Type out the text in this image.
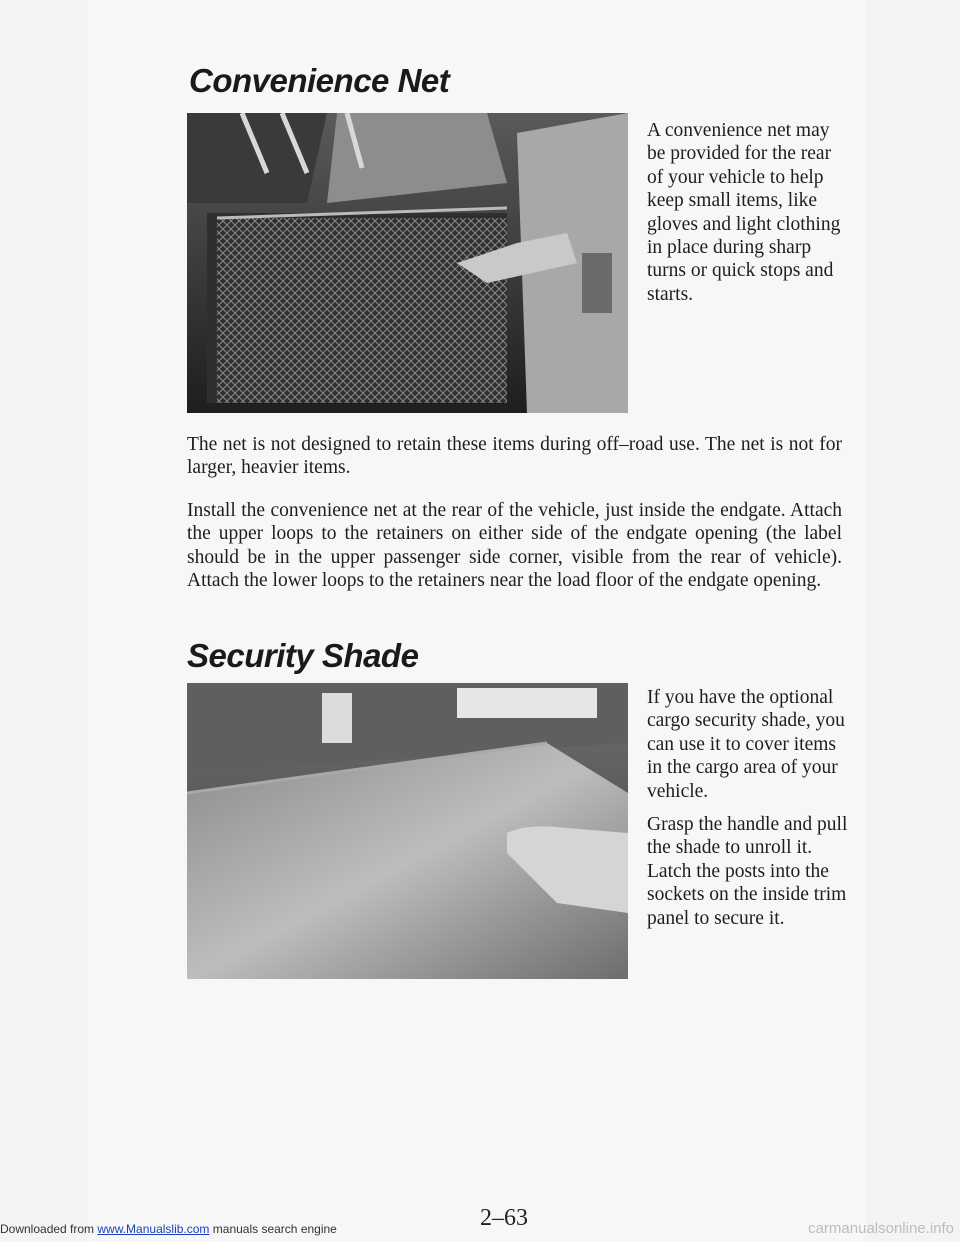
Convenience Net

A convenience net may be provided for the rear of your vehicle to help keep small items, like gloves and light clothing in place during sharp turns or quick stops and starts.

The net is not designed to retain these items during off–road use. The net is not for larger, heavier items.

Install the convenience net at the rear of the vehicle, just inside the endgate. Attach the upper loops to the retainers on either side of the endgate opening (the label should be in the upper passenger side corner, visible from the rear of vehicle). Attach the lower loops to the retainers near the load floor of the endgate opening.

Security Shade

If you have the optional cargo security shade, you can use it to cover items in the cargo area of your vehicle.

Grasp the handle and pull the shade to unroll it. Latch the posts into the sockets on the inside trim panel to secure it.

2–63
Downloaded from www.Manualslib.com manuals search engine	carmanualsonline.info
